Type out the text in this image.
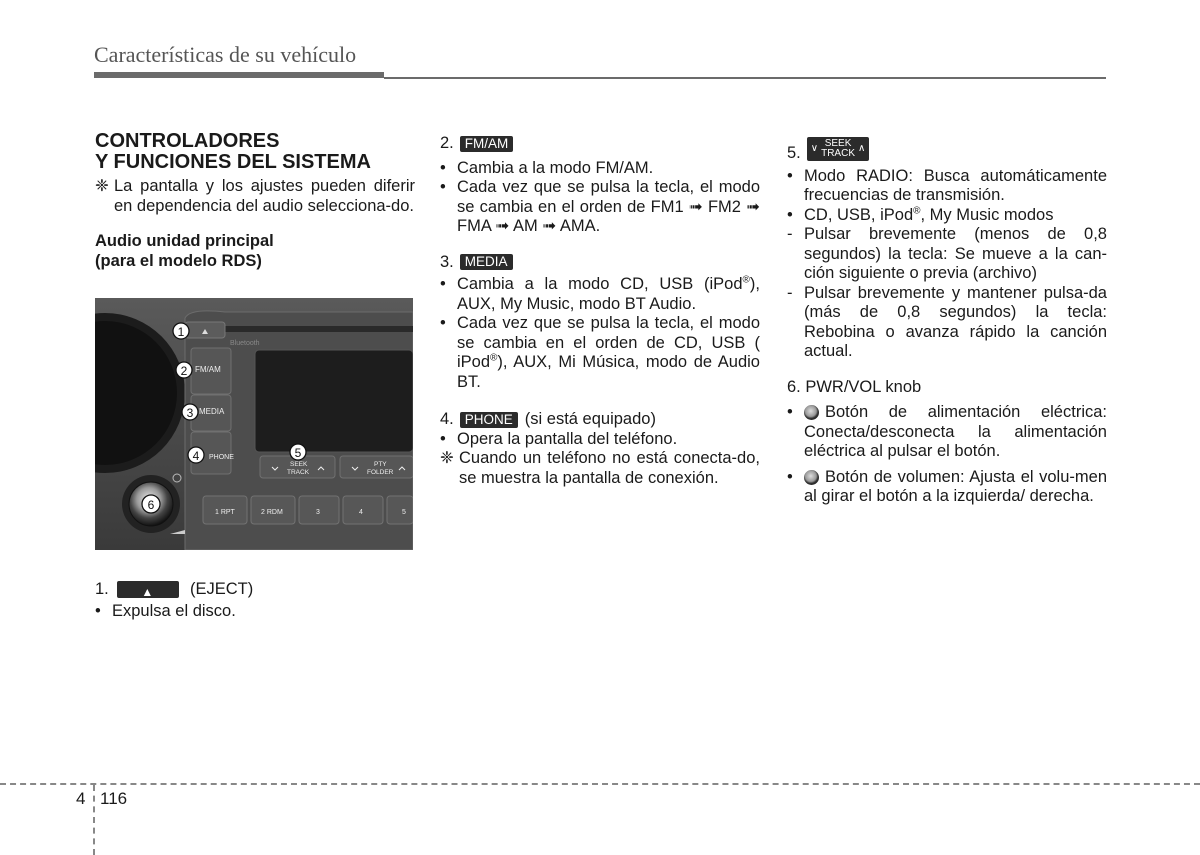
Características de su vehículo
CONTROLADORES
Y FUNCIONES DEL SISTEMA
❈ La pantalla y los ajustes pueden diferir en dependencia del audio selecciona-do.
Audio unidad principal
(para el modelo RDS)
Bluetooth
FM/AM
MEDIA
PHONE
SEEK
TRACK
PTY
FOLDER
1 RPT	2 RDM	3	4	5
1
2
3
4	5
6
1.	▲ (EJECT)
• Expulsa el disco.
2. FM/AM
• Cambia a la modo FM/AM.
• Cada vez que se pulsa la tecla, el modo se cambia en el orden de FM1 ➟ FM2 ➟ FMA ➟ AM ➟ AMA.
3. MEDIA
• Cambia a la modo CD, USB (iPod®), AUX, My Music, modo BT Audio.
• Cada vez que se pulsa la tecla, el modo se cambia en el orden de CD, USB ( iPod®), AUX, Mi Música, modo de Audio BT.
4. PHONE (si está equipado)
• Opera la pantalla del teléfono.
❈ Cuando un teléfono no está conecta-do, se muestra la pantalla de conexión.
5. ∨ SEEK
TRACK ∧
• Modo RADIO: Busca automáticamente frecuencias de transmisión.
• CD, USB, iPod®, My Music modos
- Pulsar brevemente (menos de 0,8 segundos) la tecla: Se mueve a la can-ción siguiente o previa (archivo)
- Pulsar brevemente y mantener pulsa-da (más de 0,8 segundos) la tecla: Rebobina o avanza rápido la canción actual.
6. PWR/VOL knob
•	Botón de alimentación eléctrica: Conecta/desconecta la alimentación eléctrica al pulsar el botón.
•	Botón de volumen: Ajusta el volu-men al girar el botón a la izquierda/ derecha.
4 116
